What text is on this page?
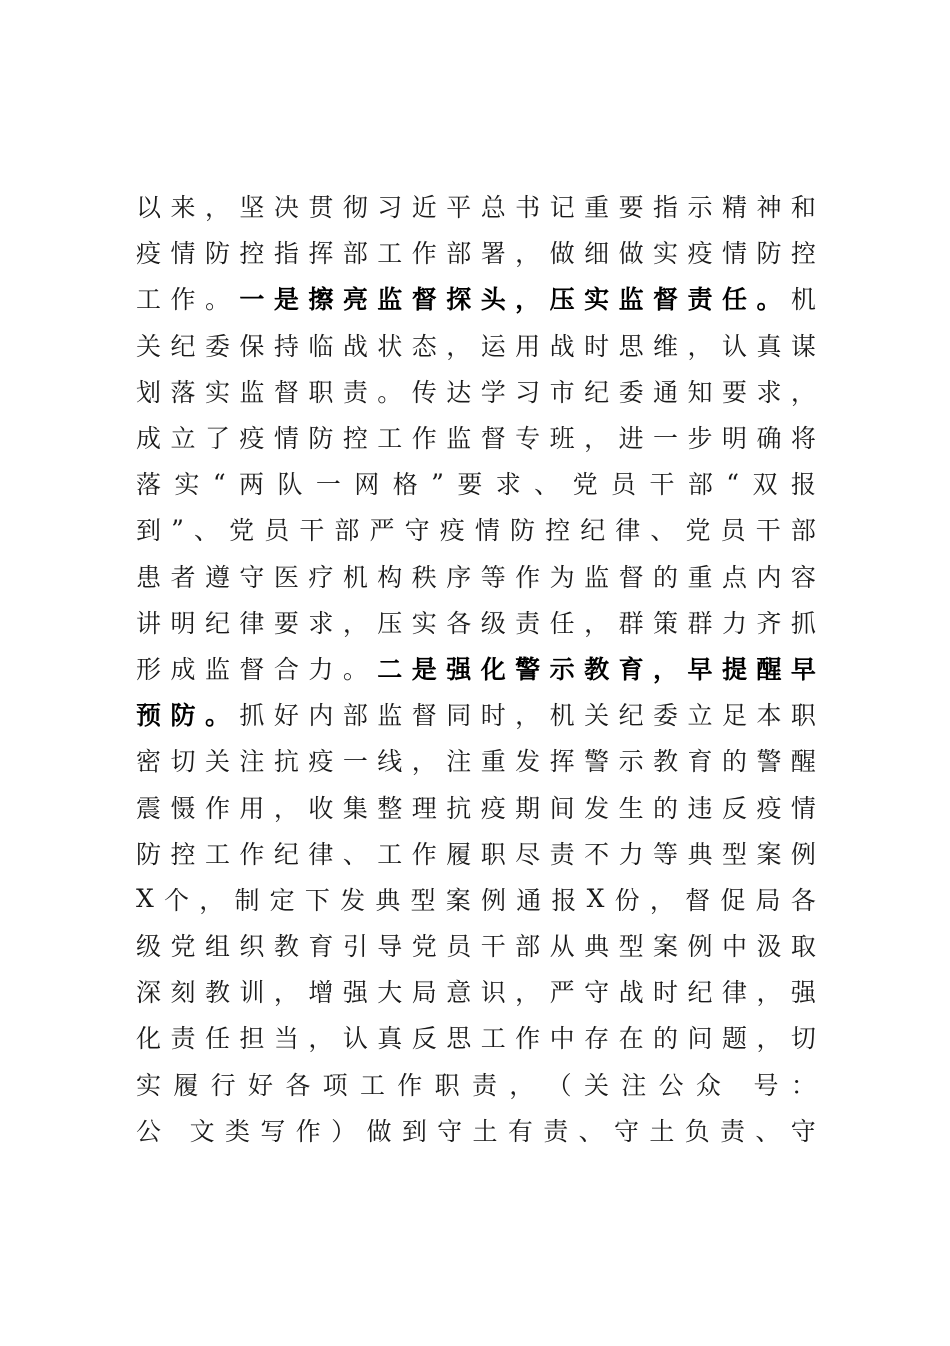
以 来 ， 坚 决 贯 彻 习 近 平 总 书 记 重 要 指 示 精 神 和
疫 情 防 控 指 挥 部 工 作 部 署 ， 做 细 做 实 疫 情 防 控
工 作 。 一 是 擦 亮 监 督 探 头 ， 压 实 监 督 责 任 。 机
关 纪 委 保 持 临 战 状 态 ， 运 用 战 时 思 维 ， 认 真 谋
划 落 实 监 督 职 责 。 传 达 学 习 市 纪 委 通 知 要 求 ，
成 立 了 疫 情 防 控 工 作 监 督 专 班 ， 进 一 步 明 确 将
落 实 “ 两 队 一 网 格 ” 要 求 、 党 员 干 部 “ 双 报
到 ” 、 党 员 干 部 严 守 疫 情 防 控 纪 律 、 党 员 干 部
患 者 遵 守 医 疗 机 构 秩 序 等 作 为 监 督 的 重 点 内 容
讲 明 纪 律 要 求 ， 压 实 各 级 责 任 ， 群 策 群 力 齐 抓
形 成 监 督 合 力 。 二 是 强 化 警 示 教 育 ， 早 提 醒 早
预 防 。 抓 好 内 部 监 督 同 时 ， 机 关 纪 委 立 足 本 职
密 切 关 注 抗 疫 一 线 ， 注 重 发 挥 警 示 教 育 的 警 醒
震 慑 作 用 ， 收 集 整 理 抗 疫 期 间 发 生 的 违 反 疫 情
防 控 工 作 纪 律 、 工 作 履 职 尽 责 不 力 等 典 型 案 例
X 个 ， 制 定 下 发 典 型 案 例 通 报 X 份 ， 督 促 局 各
级 党 组 织 教 育 引 导 党 员 干 部 从 典 型 案 例 中 汲 取
深 刻 教 训 ， 增 强 大 局 意 识 ， 严 守 战 时 纪 律 ， 强
化 责 任 担 当 ， 认 真 反 思 工 作 中 存 在 的 问 题 ， 切
实 履 行 好 各 项 工 作 职 责 ， （ 关 注 公 众
号 ：
公
文 类 写 作 ） 做 到 守 土 有 责 、 守 土 负 责 、 守
